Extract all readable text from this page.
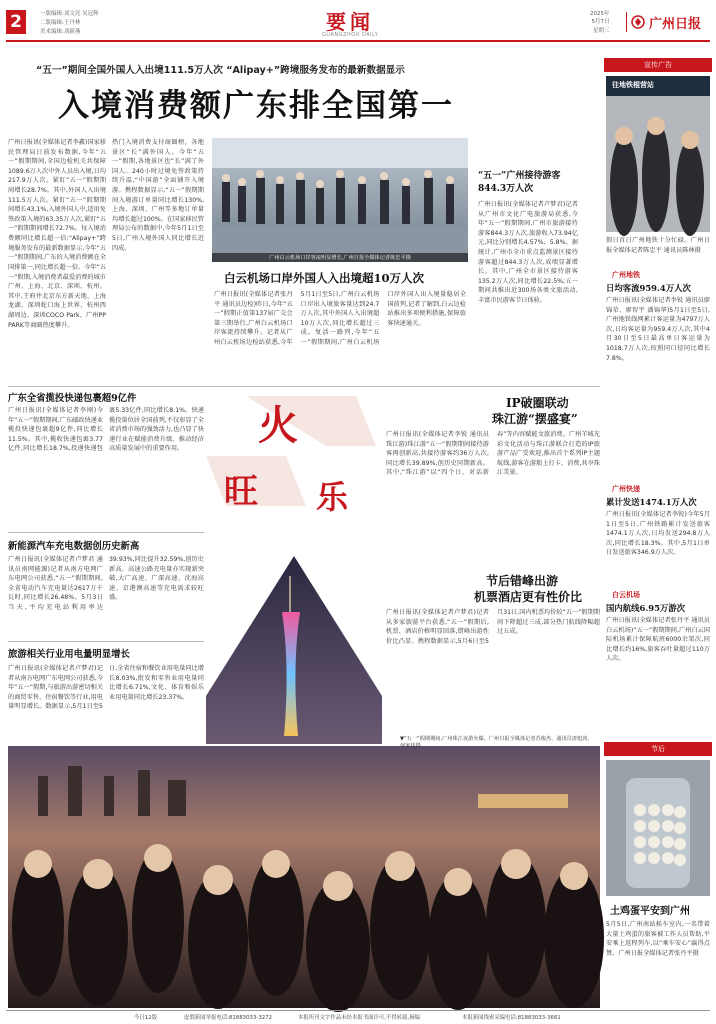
2	一版编辑:刘文亮 吴冠辉
二版编辑:王丹林
美术编辑:刘新燕	要闻
GUANGZHOU DAILY
2025年
5月7日
星期三	广州日报
“五一”期间全国外国人入出境111.5万人次 “Alipay+”跨境服务发布的最新数据显示
入境消费额广东排全国第一
广州日报讯(全媒体记者李鑫)国家移民管理局日前发布数据,今年“五一”假期期间,全国边检机关共保障1089.6万人次中外人员出入境,日均217.9万人次。紧盯“五一”假期期间增长28.7%。其中,外国人入出境111.5万人次。紧盯“五一”假期期间增长43.1%,入境外国人中,适用免签政策入境的63.35万人次,紧盯“五一”假期期间增长72.7%。每入境消费额同比增长超一倍:“Alipay+”跨境服务发布的最新数据显示,今年“五一”假期期间,广东的入境消费额在全国排第一,同比增长超一倍。今年“五一”假期,入境消费者最爱消费的城市广州、上海、北京、深圳、杭州。其中,王府井北京东方新天地、上海龙湖、深圳蛇口海上世界、杭州西湖周边、深圳COCO Park、广州PP PARK等商圈热度攀升。
热门入境消费支付商圈榜。各地景区“长”满外国人。今年“五一”假期,各地景区也“长”满了外国人。240小时过境免签政策持续升温,“中国游”全面铺开入境游。携程数据显示,“五一”假期期间入境游订单量同比增长130%,上海、深圳、广州等多地订单量均增长超过100%。在国家移民管理局公布的数据中,今年5月1日至5日,广州入境外国人同比增长近四成。
广州白云机场口岸客流明显增长,广州日报全媒体记者陈忠平摄
白云机场口岸外国人入出境超10万人次
广州日报讯(全媒体记者张丹平 通讯员边检)昨日,今年“五一”假期正值第137届广交会第三期举行,广州白云机场口岸客流持续攀升。记者从广州白云机场边检站获悉,今年5月1日至5日,广州白云机场口岸出入境旅客量达到24.7万人次,其中外国人入出境超10万人次,同比增长超过三成。复活一路列,今年“五一”假期期间,广州白云机场口岸外国人出入境量稳居全国前列,记者了解到,白云边检站推出多项便利措施,保障旅客快速通关。
“五一”广州接待游客844.3万人次
广州日报讯(全媒体记者卢梦君)记者从广州市文化广电旅游局获悉,今年“五一”假期期间,广州市旅游接待游客844.3万人次,旅游收入73.94亿元,同比分别增长4.57%、5.8%。据统计,广州市全市重点监测景区接待游客超过844.3万人次,成绩显著增长。其中,广州全市景区接待游客135.2万人次,同比增长22.5%;五一期间共推出近300场各类文旅活动,丰富市民游客节日体验。
火
旺 乐
广东全省揽投快递包裹超9亿件
广州日报讯(全媒体记者李刚)今年“五一”假期期间,广东邮政快递业揽投快递包裹超9亿件,同比增长11.5%。其中,揽收快递包裹3.77亿件,同比增长18.7%,投递快递包裹5.33亿件,同比增长8.1%。快递揽投量位居全国前列,不仅彰显了全省消费市场的强劲活力,也凸显了快递行业在赋能消费升级、推动经济高质量发展中的重要作用。
新能源汽车充电数据创历史新高
广州日报讯(全媒体记者卢梦君 通讯员南网能源)记者从南方电网广东电网公司获悉,“五一”假期期间,全省电动汽车充电量达2617万千瓦时,同比增长26.48%。5月3日当天,平均充电站利用率达39.93%,同比提升32.59%,创历史新高。高速公路充电量亦实现新突破,大广高速、广深高速、沈海高速、京港澳高速等充电需求较旺盛。
旅游相关行业用电量明显增长
广州日报讯(全媒体记者卢梦君)记者从南方电网广东电网公司获悉,今年“五一”假期,与旅游出游密切相关的商贸零售、住宿餐饮等行业,用电量明显增长。数据显示,5月1日至5日,全省住宿和餐饮业用电量同比增长8.03%,批发和零售业用电量同比增长6.71%,文化、体育和娱乐业用电量同比增长23.37%。
IP破圈联动
珠江游“摆盛宴”
广州日报讯(全媒体记者李锐 通讯员珠江游)珠江游“五一”假期期间接待游客再创新高,共接待游客约36万人次,同比增长39.89%,创历史同期新高。其中,“珠江游”以“四个日、对话新春”等内容赋能文旅消费。广州羊城光彩文化活动与珠江游联合打造的IP旅游产品广受欢迎,推出首个系列IP主题航线,游客在游船上打卡、消费,共享珠江美景。
节后错峰出游
机票酒店更有性价比
广州日报讯(全媒体记者卢梦君)记者从多家旅游平台获悉,“五一”假期后,机票、酒店价格明显回落,错峰出游性价比凸显。携程数据显示,5月6日至5月31日,国内机票均价较“五一”假期期间下降超过三成,部分热门航线降幅超过五成。
▼“五一”假期期间,广州珠江夜游火爆。广州日报全媒体记者苏俊杰、通讯员唐旭涛、何家伟摄
宣传广告
往地铁棍营站
假日首日广州地铁十分忙碌。广州日报全媒体记者陈忠平 通讯员陈林摄
广州地铁
日均客流959.4万人次
广州日报讯(全媒体记者李锐 通讯员廖锦荣、廖智宇 潘锦华)5月1日至5日,广州地铁线网累计客运量为4797万人次,日均客运量为959.4万人次,其中4月30日至5日最高单日客运量为1018.7万人次,按照同口径同比增长7.8%。
广州快递
累计发送1474.1万人次
广州日报讯(全媒体记者李锐)今年5月1日至5日,广州铁路累计发送旅客1474.1万人次,日均发送294.8万人次,同比增长18.3%。其中,5月1日单日发送旅客346.9万人次。
白云机场
国内航线6.95万游次
广州日报讯(全媒体记者张丹平 通讯员白云机场)“五一”假期期间,广州白云国际机场累计保障航班6000余架次,同比增长约16%,旅客吞吐量超过110万人次。
节后
土鸡蛋平安到广州
5月5日,广州南站候车室内,一名带着大量土鸡蛋的旅客被工作人员帮助,平安乘上返程列车,以“乘车安心”赢得点赞。广州日报全媒体记者张丹平摄
今日12版	虚假新闻举报电话:81883033-3272	本报所刊文字作品未经本报书面许可,不得转载,摘编	本报新闻线索采编电话:81883033-3661
